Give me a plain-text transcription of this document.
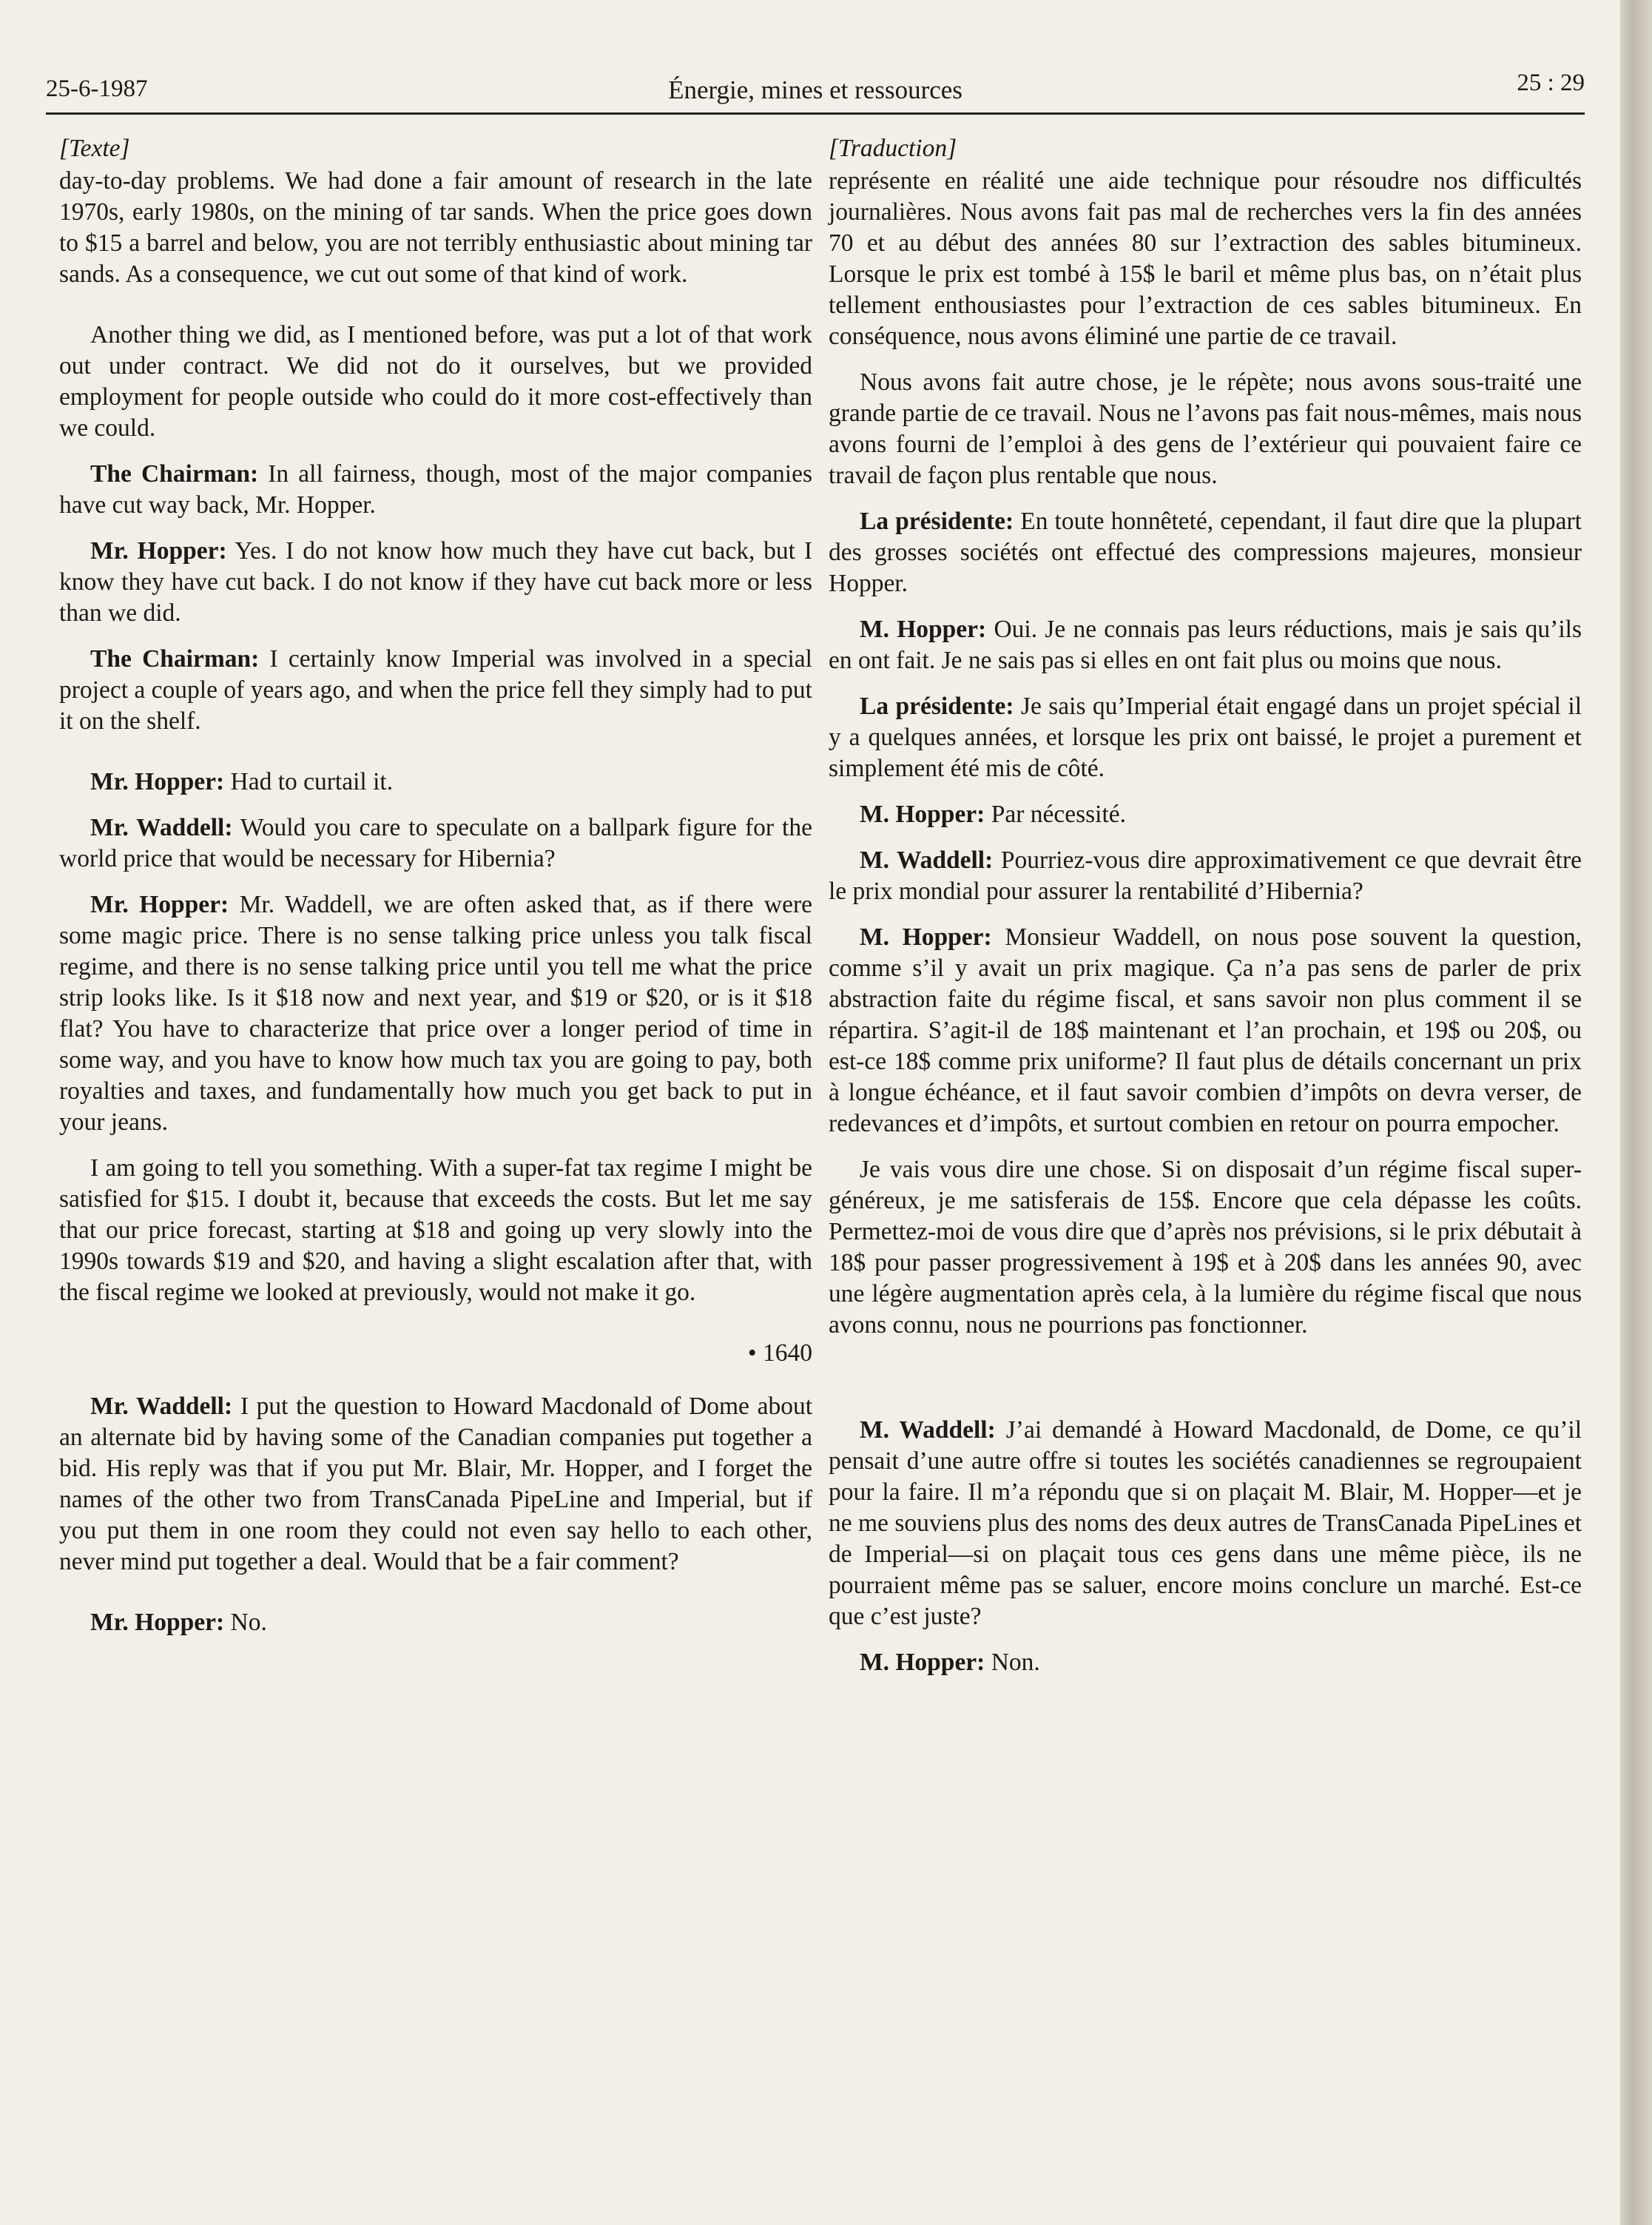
25-6-1987	Énergie, mines et ressources	25 : 29

[Texte]

day-to-day problems. We had done a fair amount of research in the late 1970s, early 1980s, on the mining of tar sands. When the price goes down to $15 a barrel and below, you are not terribly enthusiastic about mining tar sands. As a consequence, we cut out some of that kind of work.

Another thing we did, as I mentioned before, was put a lot of that work out under contract. We did not do it ourselves, but we provided employment for people outside who could do it more cost-effectively than we could.

The Chairman: In all fairness, though, most of the major companies have cut way back, Mr. Hopper.

Mr. Hopper: Yes. I do not know how much they have cut back, but I know they have cut back. I do not know if they have cut back more or less than we did.

The Chairman: I certainly know Imperial was involved in a special project a couple of years ago, and when the price fell they simply had to put it on the shelf.

Mr. Hopper: Had to curtail it.

Mr. Waddell: Would you care to speculate on a ballpark figure for the world price that would be necessary for Hibernia?

Mr. Hopper: Mr. Waddell, we are often asked that, as if there were some magic price. There is no sense talking price unless you talk fiscal regime, and there is no sense talking price until you tell me what the price strip looks like. Is it $18 now and next year, and $19 or $20, or is it $18 flat? You have to characterize that price over a longer period of time in some way, and you have to know how much tax you are going to pay, both royalties and taxes, and fundamentally how much you get back to put in your jeans.

I am going to tell you something. With a super-fat tax regime I might be satisfied for $15. I doubt it, because that exceeds the costs. But let me say that our price forecast, starting at $18 and going up very slowly into the 1990s towards $19 and $20, and having a slight escalation after that, with the fiscal regime we looked at previously, would not make it go.

• 1640

Mr. Waddell: I put the question to Howard Macdonald of Dome about an alternate bid by having some of the Canadian companies put together a bid. His reply was that if you put Mr. Blair, Mr. Hopper, and I forget the names of the other two from TransCanada PipeLine and Imperial, but if you put them in one room they could not even say hello to each other, never mind put together a deal. Would that be a fair comment?

Mr. Hopper: No.

[Traduction]

représente en réalité une aide technique pour résoudre nos difficultés journalières. Nous avons fait pas mal de recherches vers la fin des années 70 et au début des années 80 sur l’extraction des sables bitumineux. Lorsque le prix est tombé à 15$ le baril et même plus bas, on n’était plus tellement enthousiastes pour l’extraction de ces sables bitumineux. En conséquence, nous avons éliminé une partie de ce travail.

Nous avons fait autre chose, je le répète; nous avons sous-traité une grande partie de ce travail. Nous ne l’avons pas fait nous-mêmes, mais nous avons fourni de l’emploi à des gens de l’extérieur qui pouvaient faire ce travail de façon plus rentable que nous.

La présidente: En toute honnêteté, cependant, il faut dire que la plupart des grosses sociétés ont effectué des compressions majeures, monsieur Hopper.

M. Hopper: Oui. Je ne connais pas leurs réductions, mais je sais qu’ils en ont fait. Je ne sais pas si elles en ont fait plus ou moins que nous.

La présidente: Je sais qu’Imperial était engagé dans un projet spécial il y a quelques années, et lorsque les prix ont baissé, le projet a purement et simplement été mis de côté.

M. Hopper: Par nécessité.

M. Waddell: Pourriez-vous dire approximativement ce que devrait être le prix mondial pour assurer la rentabilité d’Hibernia?

M. Hopper: Monsieur Waddell, on nous pose souvent la question, comme s’il y avait un prix magique. Ça n’a pas sens de parler de prix abstraction faite du régime fiscal, et sans savoir non plus comment il se répartira. S’agit-il de 18$ maintenant et l’an prochain, et 19$ ou 20$, ou est-ce 18$ comme prix uniforme? Il faut plus de détails concernant un prix à longue échéance, et il faut savoir combien d’impôts on devra verser, de redevances et d’impôts, et surtout combien en retour on pourra empocher.

Je vais vous dire une chose. Si on disposait d’un régime fiscal super-généreux, je me satisferais de 15$. Encore que cela dépasse les coûts. Permettez-moi de vous dire que d’après nos prévisions, si le prix débutait à 18$ pour passer progressivement à 19$ et à 20$ dans les années 90, avec une légère augmentation après cela, à la lumière du régime fiscal que nous avons connu, nous ne pourrions pas fonctionner.

M. Waddell: J’ai demandé à Howard Macdonald, de Dome, ce qu’il pensait d’une autre offre si toutes les sociétés canadiennes se regroupaient pour la faire. Il m’a répondu que si on plaçait M. Blair, M. Hopper—et je ne me souviens plus des noms des deux autres de TransCanada PipeLines et de Imperial—si on plaçait tous ces gens dans une même pièce, ils ne pourraient même pas se saluer, encore moins conclure un marché. Est-ce que c’est juste?

M. Hopper: Non.
